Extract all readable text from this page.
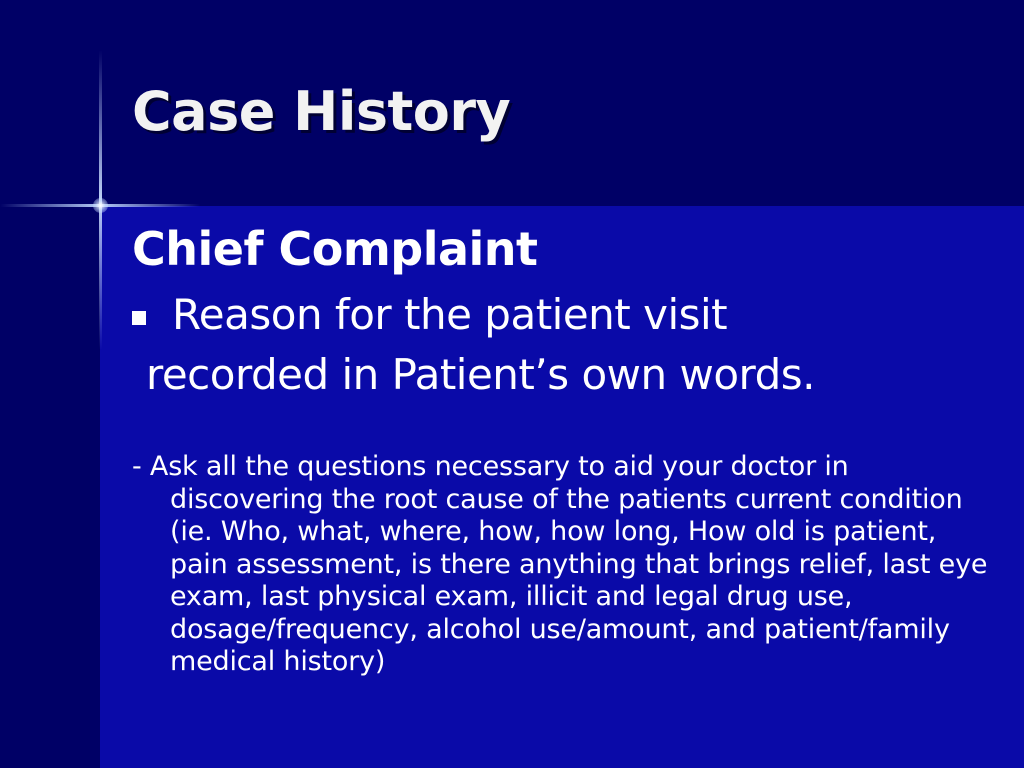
Case History
Chief Complaint
Reason for the patient visit
recorded in Patient’s own words.

- Ask all the questions necessary to aid your doctor in discovering the root cause of the patients current condition (ie. Who, what, where, how, how long, How old is patient, pain assessment, is there anything that brings relief, last eye exam, last physical exam, illicit and legal drug use, dosage/frequency, alcohol use/amount, and patient/family medical history)
